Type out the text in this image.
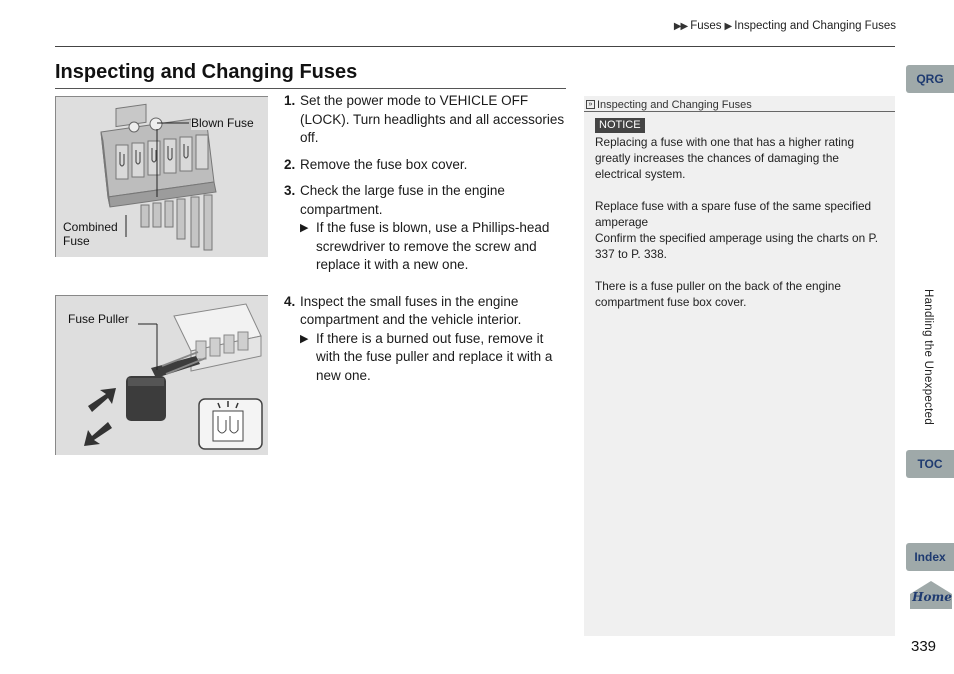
▶▶ Fuses ▶ Inspecting and Changing Fuses
Inspecting and Changing Fuses
Blown Fuse
Combined
Fuse
Fuse Puller
1. Set the power mode to VEHICLE OFF (LOCK). Turn headlights and all accessories off.
2. Remove the fuse box cover.
3. Check the large fuse in the engine compartment.
▶ If the fuse is blown, use a Phillips-head screwdriver to remove the screw and replace it with a new one.
4. Inspect the small fuses in the engine compartment and the vehicle interior.
▶ If there is a burned out fuse, remove it with the fuse puller and replace it with a new one.
» Inspecting and Changing Fuses
NOTICE

Replacing a fuse with one that has a higher rating greatly increases the chances of damaging the electrical system.

Replace fuse with a spare fuse of the same specified amperage

Confirm the specified amperage using the charts on P. 337 to P. 338.

There is a fuse puller on the back of the engine compartment fuse box cover.

QRG
Handling the Unexpected
TOC
Index
Home
339
